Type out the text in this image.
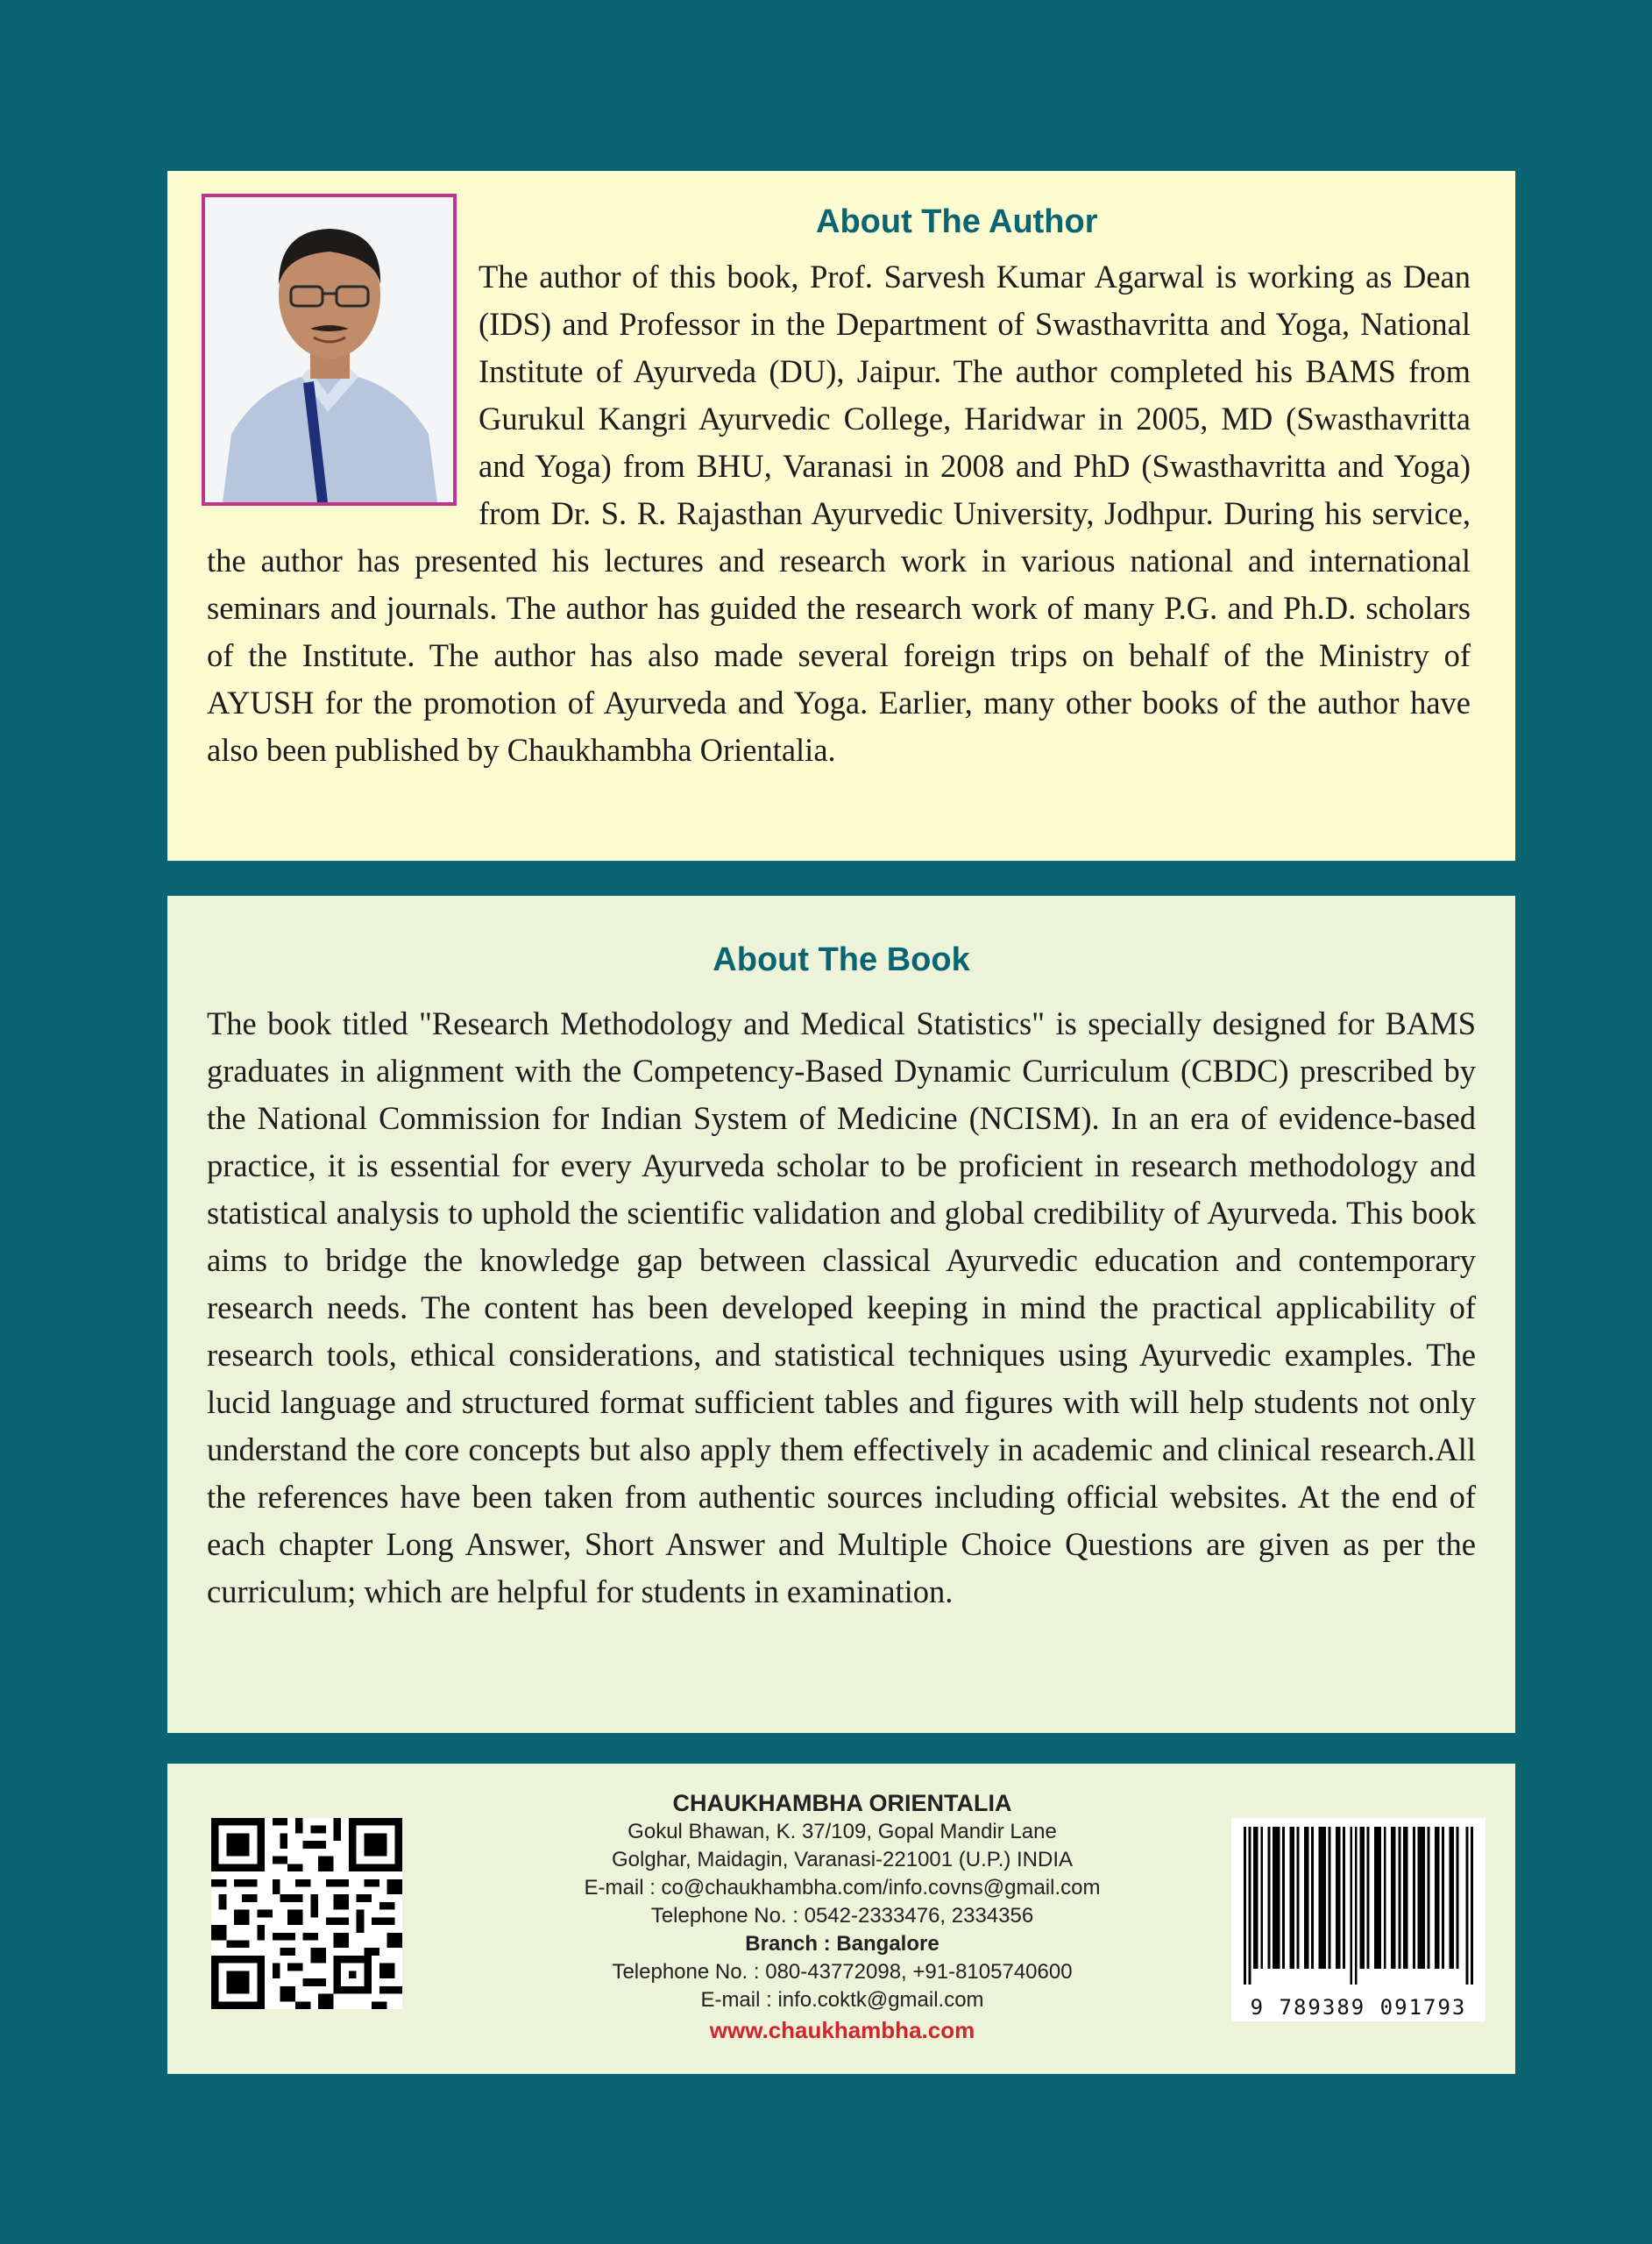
About The Author

The author of this book, Prof. Sarvesh Kumar Agarwal is working as Dean (IDS) and Professor in the Department of Swasthavritta and Yoga, National Institute of Ayurveda (DU), Jaipur. The author completed his BAMS from Gurukul Kangri Ayurvedic College, Haridwar in 2005, MD (Swasthavritta and Yoga) from BHU, Varanasi in 2008 and PhD (Swasthavritta and Yoga) from Dr. S. R. Rajasthan Ayurvedic University, Jodhpur. During his service, the author has presented his lectures and research work in various national and international seminars and journals. The author has guided the research work of many P.G. and Ph.D. scholars of the Institute. The author has also made several foreign trips on behalf of the Ministry of AYUSH for the promotion of Ayurveda and Yoga. Earlier, many other books of the author have also been published by Chaukhambha Orientalia.

About The Book

The book titled "Research Methodology and Medical Statistics" is specially designed for BAMS graduates in alignment with the Competency-Based Dynamic Curriculum (CBDC) prescribed by the National Commission for Indian System of Medicine (NCISM). In an era of evidence-based practice, it is essential for every Ayurveda scholar to be proficient in research methodology and statistical analysis to uphold the scientific validation and global credibility of Ayurveda. This book aims to bridge the knowledge gap between classical Ayurvedic education and contemporary research needs. The content has been developed keeping in mind the practical applicability of research tools, ethical considerations, and statistical techniques using Ayurvedic examples. The lucid language and structured format sufficient tables and figures with will help students not only understand the core concepts but also apply them effectively in academic and clinical research.All the references have been taken from authentic sources including official websites. At the end of each chapter Long Answer, Short Answer and Multiple Choice Questions are given as per the curriculum; which are helpful for students in examination.

CHAUKHAMBHA ORIENTALIA
Gokul Bhawan, K. 37/109, Gopal Mandir Lane
Golghar, Maidagin, Varanasi-221001 (U.P.) INDIA
E-mail : co@chaukhambha.com/info.covns@gmail.com
Telephone No. : 0542-2333476, 2334356
Branch : Bangalore
Telephone No. : 080-43772098, +91-8105740600
E-mail : info.coktk@gmail.com
www.chaukhambha.com
9 789389 091793
